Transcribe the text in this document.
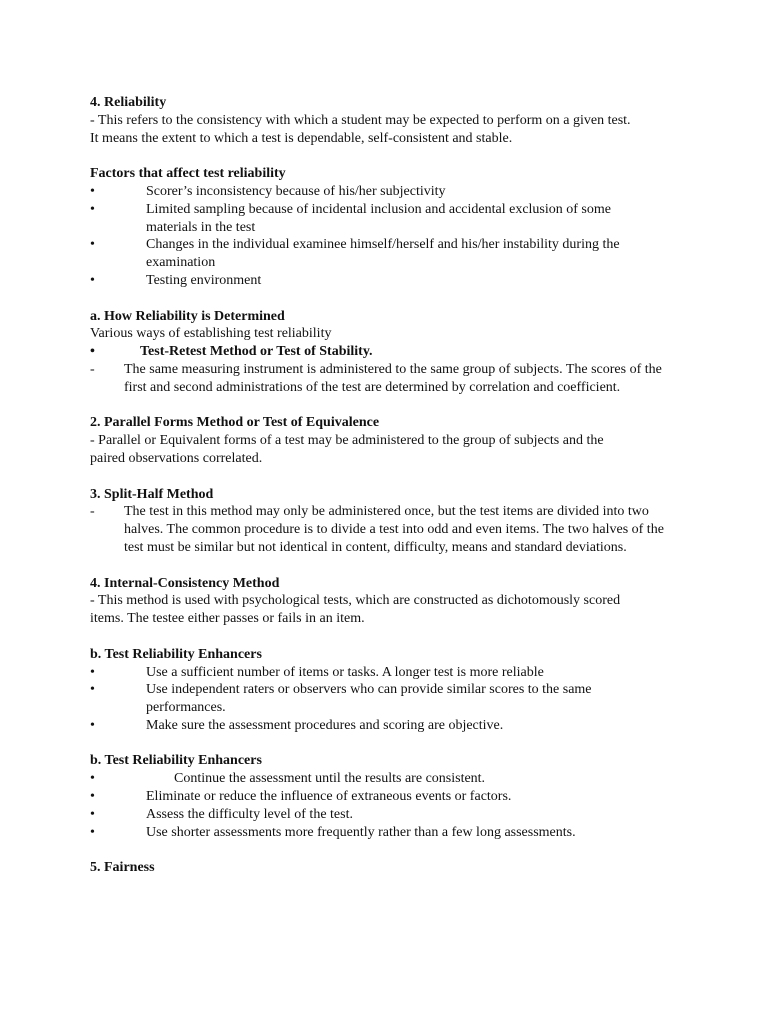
4. Reliability

- This refers to the consistency with which a student may be expected to perform on a given test.

It means the extent to which a test is dependable, self-consistent and stable.

Factors that affect test reliability

•	Scorer’s inconsistency because of his/her subjectivity
•	Limited sampling because of incidental inclusion and accidental exclusion of some materials in the test
•	Changes in the individual examinee himself/herself and his/her instability during the examination
•	Testing environment

a. How Reliability is Determined

Various ways of establishing test reliability

•	Test-Retest Method or Test of Stability.
-	The same measuring instrument is administered to the same group of subjects. The scores of the first and second administrations of the test are determined by correlation and coefficient.

2. Parallel Forms Method or Test of Equivalence

- Parallel or Equivalent forms of a test may be administered to the group of subjects and the

paired observations correlated.

3. Split-Half Method

-	The test in this method may only be administered once, but the test items are divided into two halves. The common procedure is to divide a test into odd and even items. The two halves of the test must be similar but not identical in content, difficulty, means and standard deviations.

4. Internal-Consistency Method

- This method is used with psychological tests, which are constructed as dichotomously scored

items. The testee either passes or fails in an item.

b. Test Reliability Enhancers

•	Use a sufficient number of items or tasks. A longer test is more reliable
•	Use independent raters or observers who can provide similar scores to the same performances.
•	Make sure the assessment procedures and scoring are objective.

b. Test Reliability Enhancers

•	Continue the assessment until the results are consistent.
•	Eliminate or reduce the influence of extraneous events or factors.
•	Assess the difficulty level of the test.
•	Use shorter assessments more frequently rather than a few long assessments.

5. Fairness
